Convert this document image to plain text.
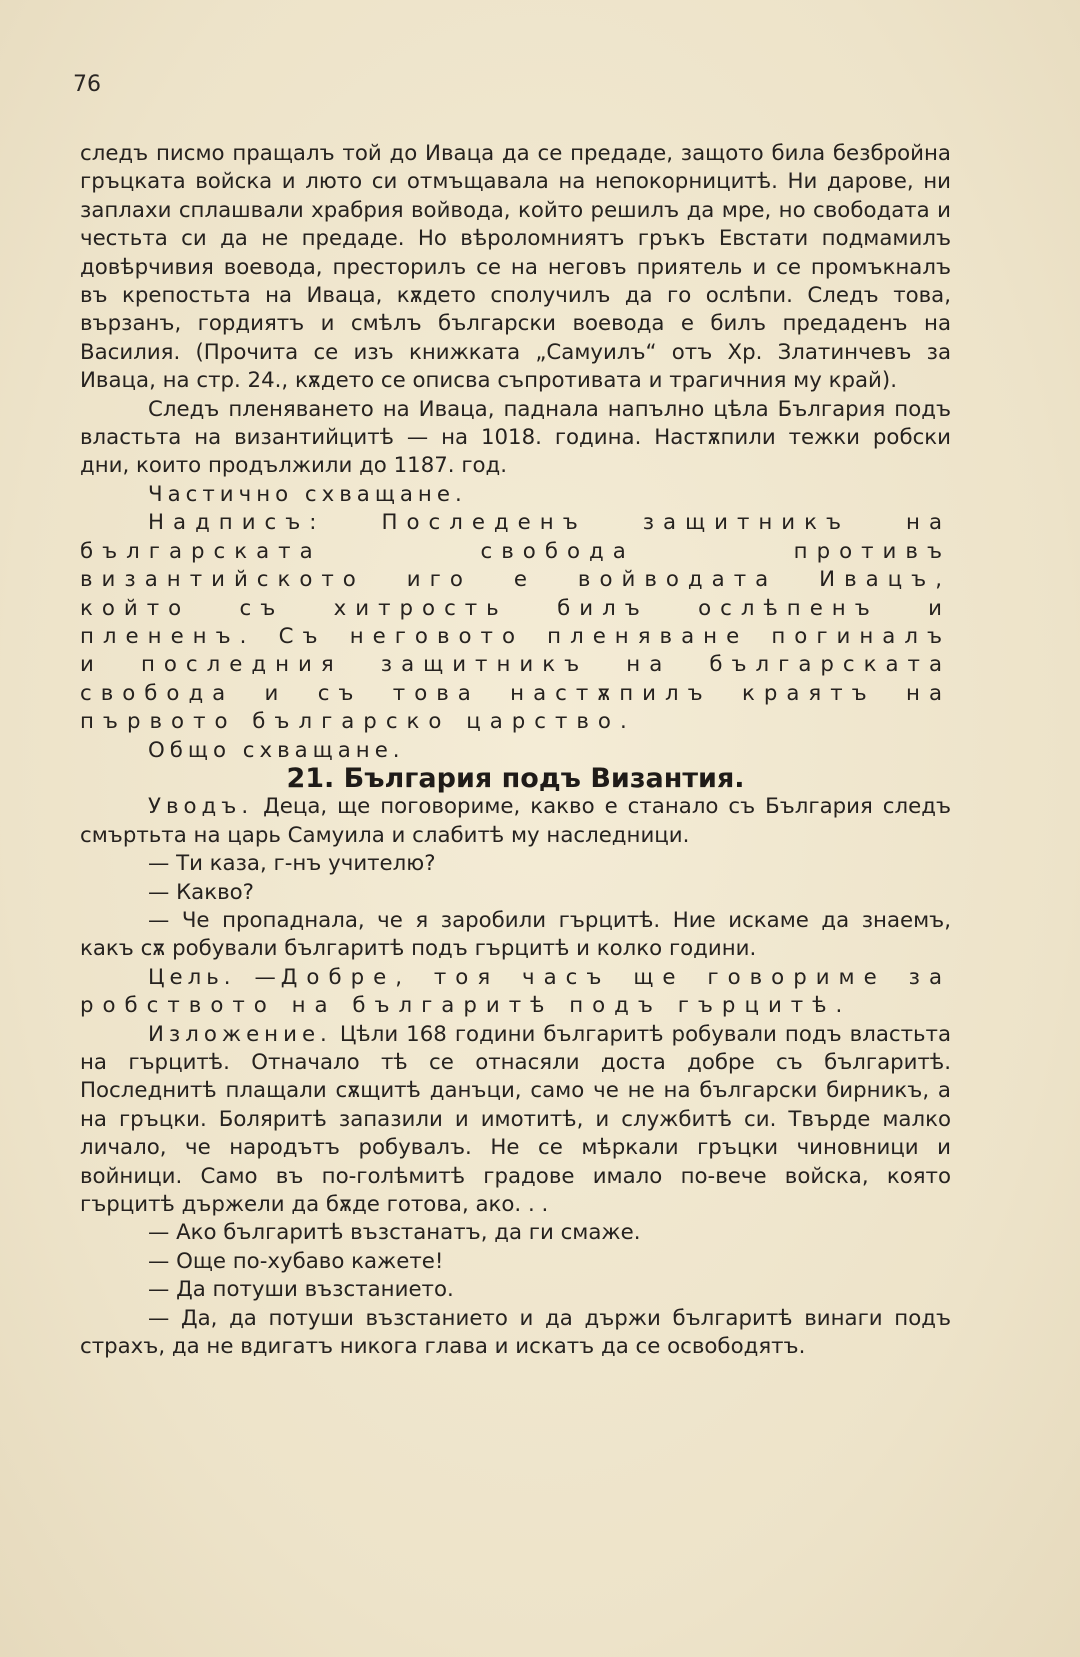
76

следъ писмо пращалъ той до Иваца да се предаде, защото била безбройна гръцката войска и люто си отмъщавала на непокорницитѣ. Ни дарове, ни заплахи сплашвали храбрия войвода, който решилъ да мре, но свободата и честьта си да не предаде. Но вѣроломниятъ гръкъ Евстати подмамилъ довѣрчивия воевода, престорилъ се на неговъ приятель и се промъкналъ въ крепостьта на Иваца, кѫдето сполучилъ да го ослѣпи. Следъ това, вързанъ, гордиятъ и смѣлъ български воевода е билъ предаденъ на Василия. (Прочита се изъ книжката „Самуилъ“ отъ Хр. Златинчевъ за Иваца, на стр. 24., кѫдето се описва съпротивата и трагичния му край).

Следъ пленяването на Иваца, паднала напълно цѣла България подъ властьта на византийцитѣ — на 1018. година. Настѫпили тежки робски дни, които продължили до 1187. год.

Частично схващане.

Надписъ:	Последенъ защитникъ на българската свобода противъ византийското иго е войводата Ивацъ, който съ хитрость билъ ослѣпенъ и плененъ. Съ неговото пленяване погиналъ и последния защитникъ на българската свобода и съ това настѫпилъ краятъ на първото българско царство.

Общо схващане.

21. България подъ Византия.

Уводъ. Деца, ще поговориме, какво е станало съ България следъ смъртьта на царь Самуила и слабитѣ му наследници.

— Ти каза, г-нъ учителю?

— Какво?

— Че пропаднала, че я заробили гърцитѣ. Ние искаме да знаемъ, какъ сѫ робували българитѣ подъ гърцитѣ и колко години.

Цель. —Добре, тоя часъ ще говориме за робството на българитѣ подъ гърцитѣ.

Изложение. Цѣли 168 години българитѣ робували подъ властьта на гърцитѣ. Отначало тѣ се отнасяли доста добре съ българитѣ. Последнитѣ плащали сѫщитѣ данъци, само че не на български бирникъ, а на гръцки. Боляритѣ запазили и имотитѣ, и службитѣ си. Твърде малко личало, че народътъ робувалъ. Не се мѣркали гръцки чиновници и войници. Само въ по-голѣмитѣ градове имало по-вече войска, която гърцитѣ държели да бѫде готова, ако. . .

— Ако българитѣ възстанатъ, да ги смаже.

— Още по-хубаво кажете!

— Да потуши възстанието.

— Да, да потуши възстанието и да държи българитѣ винаги подъ страхъ, да не вдигатъ никога глава и искатъ да се освободятъ.
